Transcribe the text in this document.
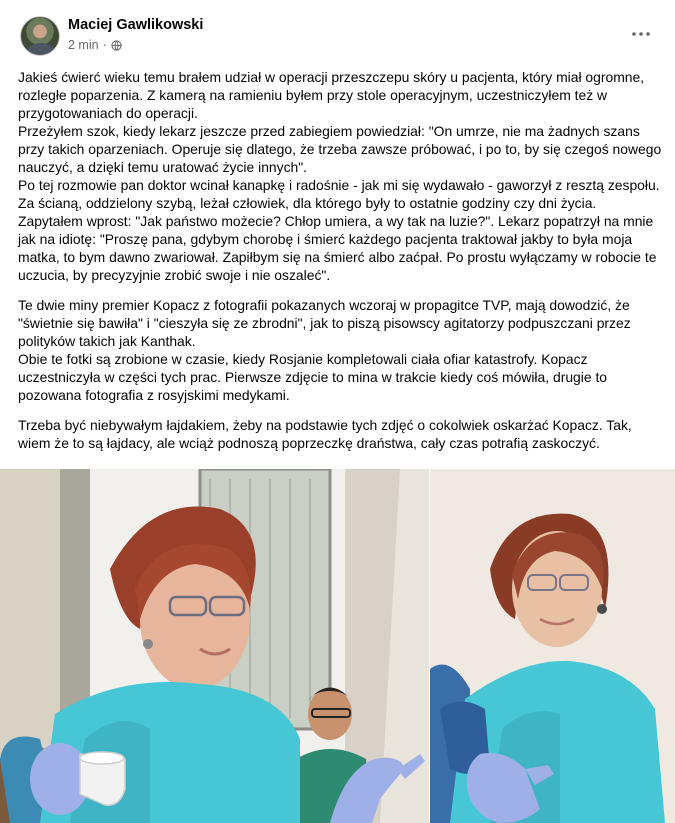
Maciej Gawlikowski
2 min ·

Jakieś ćwierć wieku temu brałem udział w operacji przeszczepu skóry u pacjenta, który miał ogromne, rozległe poparzenia. Z kamerą na ramieniu byłem przy stole operacyjnym, uczestniczyłem też w przygotowaniach do operacji.
Przeżyłem szok, kiedy lekarz jeszcze przed zabiegiem powiedział: "On umrze, nie ma żadnych szans przy takich oparzeniach. Operuje się dlatego, że trzeba zawsze próbować, i po to, by się czegoś nowego nauczyć, a dzięki temu uratować życie innych".
Po tej rozmowie pan doktor wcinał kanapkę i radośnie - jak mi się wydawało - gaworzył z resztą zespołu. Za ścianą, oddzielony szybą, leżał człowiek, dla którego były to ostatnie godziny czy dni życia. Zapytałem wprost: "Jak państwo możecie? Chłop umiera, a wy tak na luzie?". Lekarz popatrzył na mnie jak na idiotę: "Proszę pana, gdybym chorobę i śmierć każdego pacjenta traktował jakby to była moja matka, to bym dawno zwariował. Zapiłbym się na śmierć albo zaćpał. Po prostu wyłączamy w robocie te uczucia, by precyzyjnie zrobić swoje i nie oszaleć".

Te dwie miny premier Kopacz z fotografii pokazanych wczoraj w propagitce TVP, mają dowodzić, że "świetnie się bawiła" i "cieszyła się ze zbrodni", jak to piszą pisowscy agitatorzy podpuszczani przez polityków takich jak Kanthak.
Obie te fotki są zrobione w czasie, kiedy Rosjanie kompletowali ciała ofiar katastrofy. Kopacz uczestniczyła w części tych prac. Pierwsze zdjęcie to mina w trakcie kiedy coś mówiła, drugie to pozowana fotografia z rosyjskimi medykami.

Trzeba być niebywałym łajdakiem, żeby na podstawie tych zdjęć o cokolwiek oskarżać Kopacz. Tak, wiem że to są łajdacy, ale wciąż podnoszą poprzeczkę draństwa, cały czas potrafią zaskoczyć.
